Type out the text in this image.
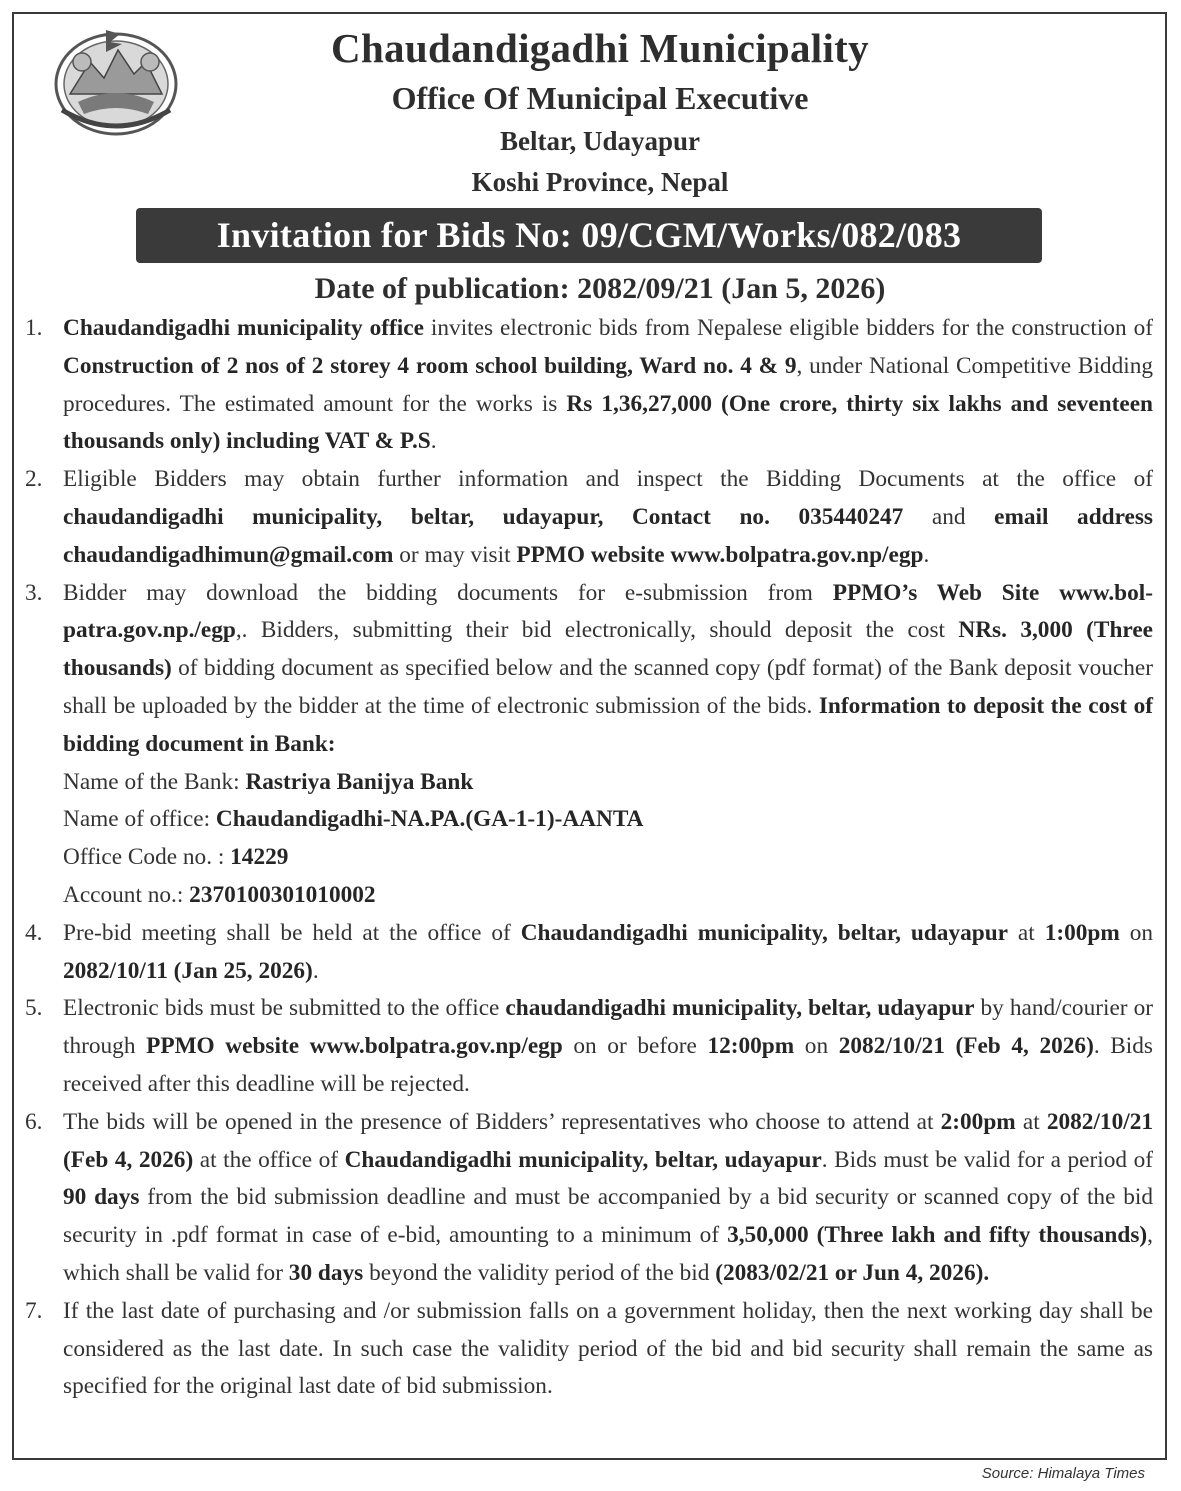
Chaudandigadhi Municipality
Office Of Municipal Executive
Beltar, Udayapur
Koshi Province, Nepal
Invitation for Bids No: 09/CGM/Works/082/083
Date of publication: 2082/09/21 (Jan 5, 2026)
1. Chaudandigadhi municipality office invites electronic bids from Nepalese eligible bidders for the construction of Construction of 2 nos of 2 storey 4 room school building, Ward no. 4 & 9, under National Competitive Bidding procedures. The estimated amount for the works is Rs 1,36,27,000 (One crore, thirty six lakhs and seventeen thousands only) including VAT & P.S.
2. Eligible Bidders may obtain further information and inspect the Bidding Documents at the office of chaudandigadhi municipality, beltar, udayapur, Contact no. 035440247 and email address chaudandigadhimun@gmail.com or may visit PPMO website www.bolpatra.gov.np/egp.
3. Bidder may download the bidding documents for e-submission from PPMO’s Web Site www.bol-patra.gov.np./egp,. Bidders, submitting their bid electronically, should deposit the cost NRs. 3,000 (Three thousands) of bidding document as specified below and the scanned copy (pdf format) of the Bank deposit voucher shall be uploaded by the bidder at the time of electronic submission of the bids. Information to deposit the cost of bidding document in Bank:
Name of the Bank: Rastriya Banijya Bank
Name of office: Chaudandigadhi-NA.PA.(GA-1-1)-AANTA
Office Code no. : 14229
Account no.: 2370100301010002
4. Pre-bid meeting shall be held at the office of Chaudandigadhi municipality, beltar, udayapur at 1:00pm on 2082/10/11 (Jan 25, 2026).
5. Electronic bids must be submitted to the office chaudandigadhi municipality, beltar, udayapur by hand/courier or through PPMO website www.bolpatra.gov.np/egp on or before 12:00pm on 2082/10/21 (Feb 4, 2026). Bids received after this deadline will be rejected.
6. The bids will be opened in the presence of Bidders’ representatives who choose to attend at 2:00pm at 2082/10/21 (Feb 4, 2026) at the office of Chaudandigadhi municipality, beltar, udayapur. Bids must be valid for a period of 90 days from the bid submission deadline and must be accompanied by a bid security or scanned copy of the bid security in .pdf format in case of e-bid, amounting to a minimum of 3,50,000 (Three lakh and fifty thousands), which shall be valid for 30 days beyond the validity period of the bid (2083/02/21 or Jun 4, 2026).
7. If the last date of purchasing and /or submission falls on a government holiday, then the next working day shall be considered as the last date. In such case the validity period of the bid and bid security shall remain the same as specified for the original last date of bid submission.
Source: Himalaya Times
